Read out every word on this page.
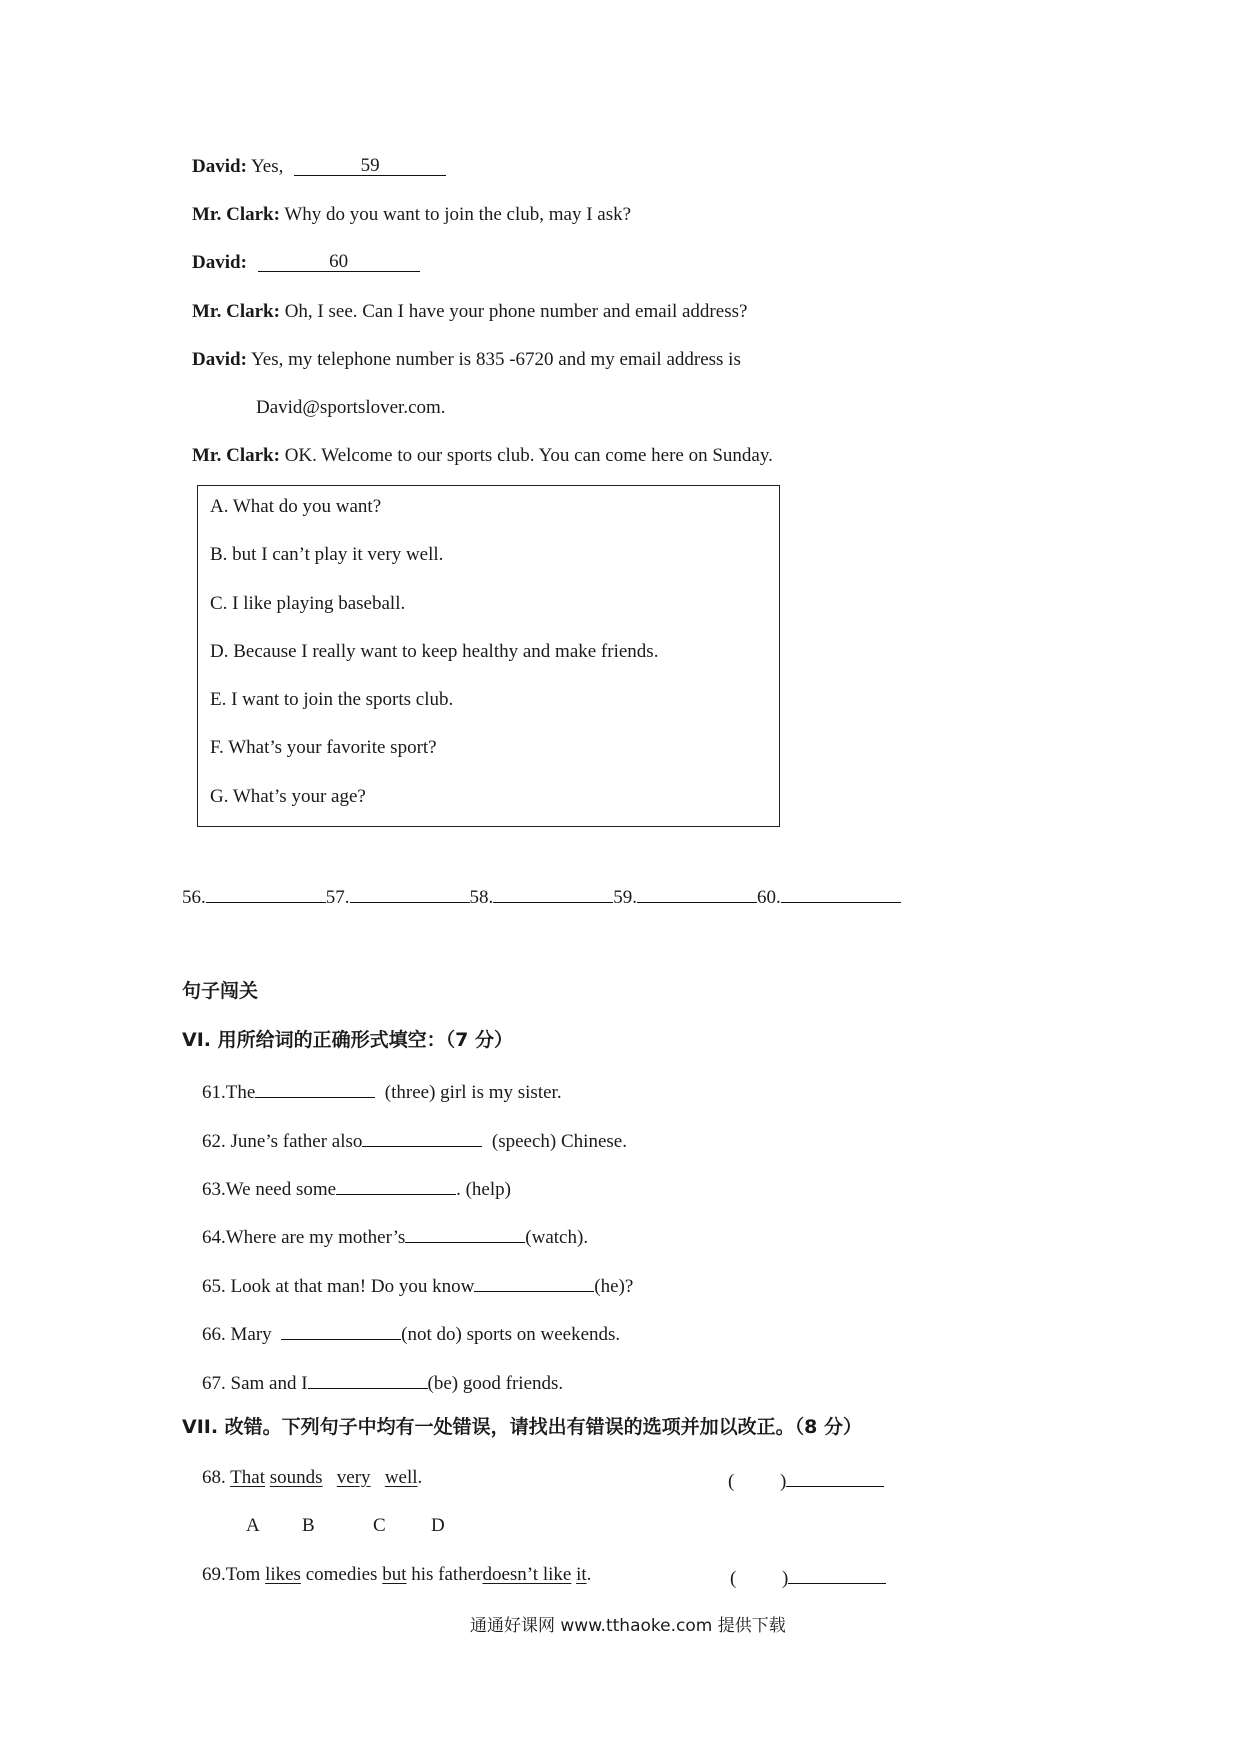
David: Yes,	59
Mr. Clark: Why do you want to join the club, may I ask?
David:	60
Mr. Clark: Oh, I see. Can I have your phone number and email address?
David: Yes, my telephone number is 835 -6720 and my email address is
David@sportslover.com.
Mr. Clark: OK. Welcome to our sports club. You can come here on Sunday.
A. What do you want?
B. but I can’t play it very well.
C. I like playing baseball.
D. Because I really want to keep healthy and make friends.
E. I want to join the sports club.
F. What’s your favorite sport?
G. What’s your age?
56.	57.	58.	59.	60.
句子闯关
VI. 用所给词的正确形式填空：（7 分）
61.The	(three) girl is my sister.
62. June’s father also	(speech) Chinese.
63.We need some	. (help)
64.Where are my mother’s	(watch).
65. Look at that man! Do you know	(he)?
66. Mary	(not do) sports on weekends.
67. Sam and I	(be) good friends.
VII. 改错。下列句子中均有一处错误，请找出有错误的选项并加以改正。（8 分）
68. That sounds very well.	( )
A B	C D
69.Tom likes comedies but his fatherdoesn’t like it.	( )
通通好课网 www.tthaoke.com 提供下载
